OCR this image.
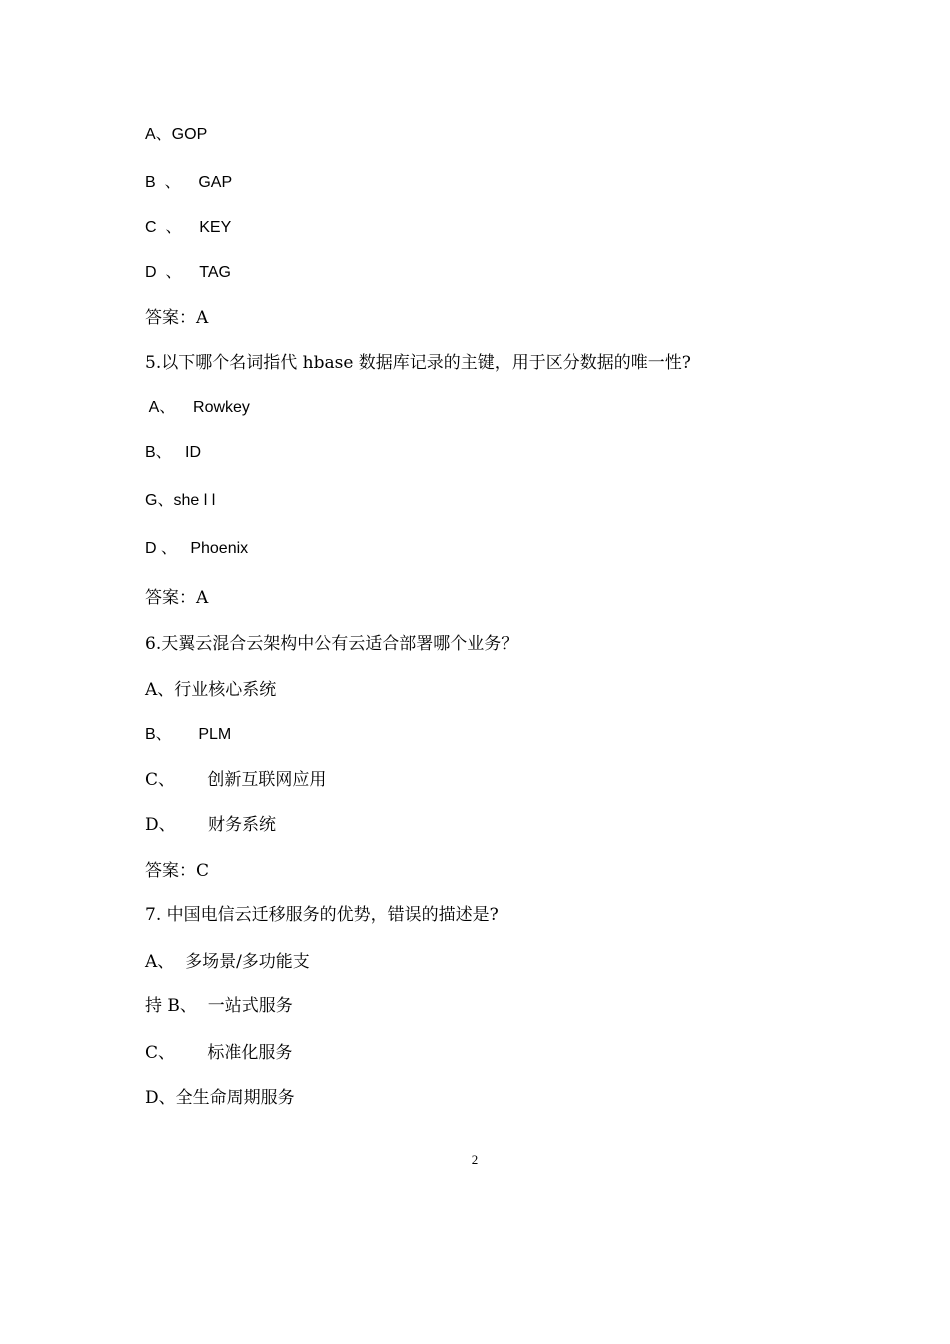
A、GOP
B  、    GAP
C  、    KEY
D  、    TAG
答案：A
5.以下哪个名词指代 hbase 数据库记录的主键，用于区分数据的唯一性?
A、    Rowkey
B、   ID
G、she l l
D 、   Phoenix
答案：A
6.天翼云混合云架构中公有云适合部署哪个业务？
A、行业核心系统
B、      PLM
C、      创新互联网应用
D、      财务系统
答案：C
7. 中国电信云迁移服务的优势，错误的描述是?
A、  多场景/多功能支
持 B、  一站式服务
C、      标准化服务
D、全生命周期服务
2
